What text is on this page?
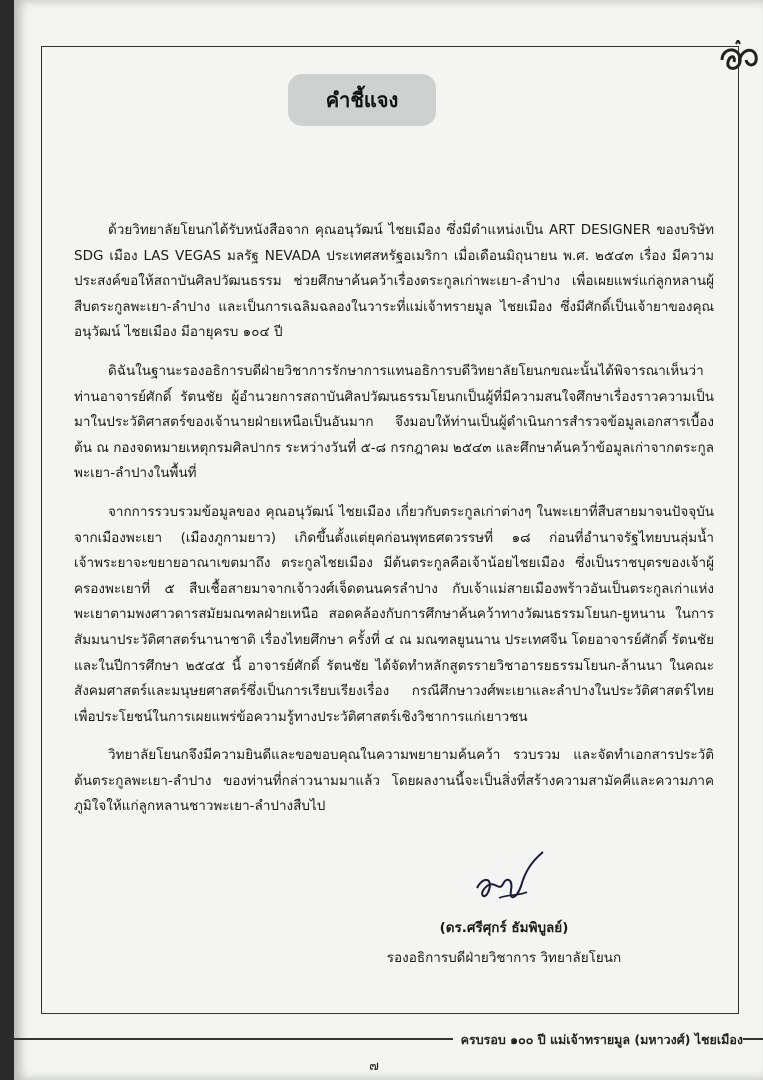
คำชี้แจง

ด้วยวิทยาลัยโยนกได้รับหนังสือจาก คุณอนุวัฒน์ ไชยเมือง ซึ่งมีตำแหน่งเป็น ART DESIGNER ของบริษัท SDG เมือง LAS VEGAS มลรัฐ NEVADA ประเทศสหรัฐอเมริกา เมื่อเดือนมิถุนายน พ.ศ. ๒๕๔๓ เรื่อง มีความประสงค์ขอให้สถาบันศิลปวัฒนธรรม ช่วยศึกษาค้นคว้าเรื่องตระกูลเก่าพะเยา-ลำปาง เพื่อเผยแพร่แก่ลูกหลานผู้สืบตระกูลพะเยา-ลำปาง และเป็นการเฉลิมฉลองในวาระที่แม่เจ้าทรายมูล ไชยเมือง ซึ่งมีศักดิ์เป็นเจ้ายาของคุณอนุวัฒน์ ไชยเมือง มีอายุครบ ๑๐๔ ปี

ดิฉันในฐานะรองอธิการบดีฝ่ายวิชาการรักษาการแทนอธิการบดีวิทยาลัยโยนกขณะนั้นได้พิจารณาเห็นว่าท่านอาจารย์ศักดิ์ รัตนชัย ผู้อำนวยการสถาบันศิลปวัฒนธรรมโยนกเป็นผู้ที่มีความสนใจศึกษาเรื่องราวความเป็นมาในประวัติศาสตร์ของเจ้านายฝ่ายเหนือเป็นอันมาก จึงมอบให้ท่านเป็นผู้ดำเนินการสำรวจข้อมูลเอกสารเบื้องต้น ณ กองจดหมายเหตุกรมศิลปากร ระหว่างวันที่ ๕-๘ กรกฎาคม ๒๕๔๓ และศึกษาค้นคว้าข้อมูลเก่าจากตระกูลพะเยา-ลำปางในพื้นที่

จากการรวบรวมข้อมูลของ คุณอนุวัฒน์ ไชยเมือง เกี่ยวกับตระกูลเก่าต่างๆ ในพะเยาที่สืบสายมาจนปัจจุบัน จากเมืองพะเยา (เมืองภูกามยาว) เกิดขึ้นตั้งแต่ยุคก่อนพุทธศตวรรษที่ ๑๘ ก่อนที่อำนาจรัฐไทยบนลุ่มน้ำเจ้าพระยาจะขยายอาณาเขตมาถึง ตระกูลไชยเมือง มีต้นตระกูลคือเจ้าน้อยไชยเมือง ซึ่งเป็นราชบุตรของเจ้าผู้ครองพะเยาที่ ๕ สืบเชื้อสายมาจากเจ้าวงศ์เจ็ดตนนครลำปาง กับเจ้าแม่สายเมืองพร้าวอันเป็นตระกูลเก่าแห่งพะเยาตามพงศาวดารสมัยมณฑลฝ่ายเหนือ สอดคล้องกับการศึกษาค้นคว้าทางวัฒนธรรมโยนก-ยูหนาน ในการสัมมนาประวัติศาสตร์นานาชาติ เรื่องไทยศึกษา ครั้งที่ ๔ ณ มณฑลยูนนาน ประเทศจีน โดยอาจารย์ศักดิ์ รัตนชัย และในปีการศึกษา ๒๕๔๕ นี้ อาจารย์ศักดิ์ รัตนชัย ได้จัดทำหลักสูตรรายวิชาอารยธรรมโยนก-ล้านนา ในคณะสังคมศาสตร์และมนุษยศาสตร์ซึ่งเป็นการเรียบเรียงเรื่อง กรณีศึกษาวงศ์พะเยาและลำปางในประวัติศาสตร์ไทย เพื่อประโยชน์ในการเผยแพร่ข้อความรู้ทางประวัติศาสตร์เชิงวิชาการแก่เยาวชน

วิทยาลัยโยนกจึงมีความยินดีและขอขอบคุณในความพยายามค้นคว้า รวบรวม และจัดทำเอกสารประวัติต้นตระกูลพะเยา-ลำปาง ของท่านที่กล่าวนามมาแล้ว โดยผลงานนี้จะเป็นสิ่งที่สร้างความสามัคคีและความภาคภูมิใจให้แก่ลูกหลานชาวพะเยา-ลำปางสืบไป

(ดร.ศรีศุกร์ ธัมพิบูลย์)
รองอธิการบดีฝ่ายวิชาการ วิทยาลัยโยนก
ครบรอบ ๑๐๐ ปี แม่เจ้าทรายมูล (มหาวงศ์) ไชยเมือง
๗
